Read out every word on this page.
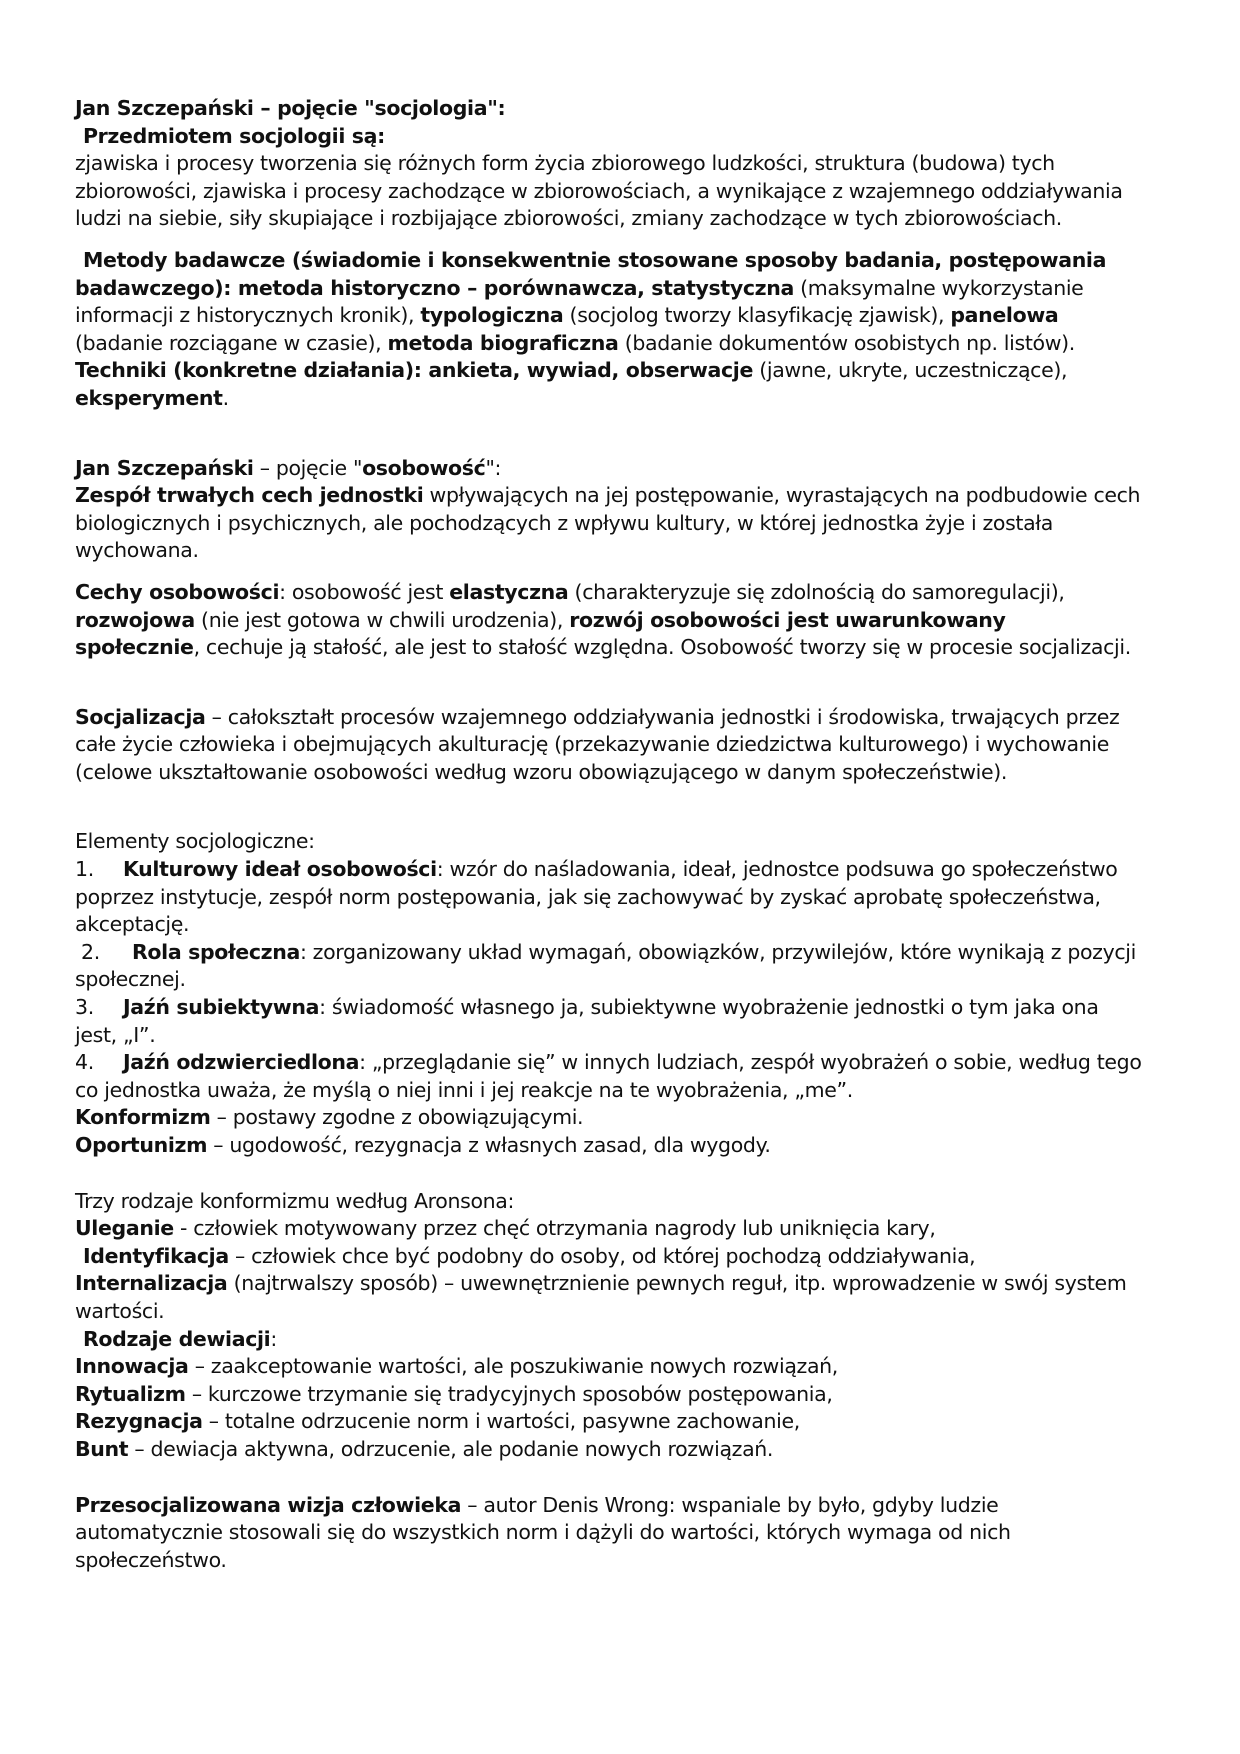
Jan Szczepański – pojęcie "socjologia":
Przedmiotem socjologii są:
zjawiska i procesy tworzenia się różnych form życia zbiorowego ludzkości, struktura (budowa) tych
zbiorowości, zjawiska i procesy zachodzące w zbiorowościach, a wynikające z wzajemnego oddziaływania
ludzi na siebie, siły skupiające i rozbijające zbiorowości, zmiany zachodzące w tych zbiorowościach.
Metody badawcze (świadomie i konsekwentnie stosowane sposoby badania, postępowania
badawczego): metoda historyczno – porównawcza, statystyczna (maksymalne wykorzystanie
informacji z historycznych kronik), typologiczna (socjolog tworzy klasyfikację zjawisk), panelowa
(badanie rozciągane w czasie), metoda biograficzna (badanie dokumentów osobistych np. listów).
Techniki (konkretne działania): ankieta, wywiad, obserwacje (jawne, ukryte, uczestniczące),
eksperyment.
Jan Szczepański – pojęcie "osobowość":
Zespół trwałych cech jednostki wpływających na jej postępowanie, wyrastających na podbudowie cech
biologicznych i psychicznych, ale pochodzących z wpływu kultury, w której jednostka żyje i została
wychowana.
Cechy osobowości: osobowość jest elastyczna (charakteryzuje się zdolnością do samoregulacji),
rozwojowa (nie jest gotowa w chwili urodzenia), rozwój osobowości jest uwarunkowany
społecznie, cechuje ją stałość, ale jest to stałość względna. Osobowość tworzy się w procesie socjalizacji.
Socjalizacja – całokształt procesów wzajemnego oddziaływania jednostki i środowiska, trwających przez
całe życie człowieka i obejmujących akulturację (przekazywanie dziedzictwa kulturowego) i wychowanie
(celowe ukształtowanie osobowości według wzoru obowiązującego w danym społeczeństwie).
Elementy socjologiczne:
1. Kulturowy ideał osobowości: wzór do naśladowania, ideał, jednostce podsuwa go społeczeństwo
poprzez instytucje, zespół norm postępowania, jak się zachowywać by zyskać aprobatę społeczeństwa,
akceptację.
2. Rola społeczna: zorganizowany układ wymagań, obowiązków, przywilejów, które wynikają z pozycji
społecznej.
3. Jaźń subiektywna: świadomość własnego ja, subiektywne wyobrażenie jednostki o tym jaka ona
jest, „I”.
4. Jaźń odzwierciedlona: „przeglądanie się” w innych ludziach, zespół wyobrażeń o sobie, według tego
co jednostka uważa, że myślą o niej inni i jej reakcje na te wyobrażenia, „me”.
Konformizm – postawy zgodne z obowiązującymi.
Oportunizm – ugodowość, rezygnacja z własnych zasad, dla wygody.
Trzy rodzaje konformizmu według Aronsona:
Uleganie - człowiek motywowany przez chęć otrzymania nagrody lub uniknięcia kary,
Identyfikacja – człowiek chce być podobny do osoby, od której pochodzą oddziaływania,
Internalizacja (najtrwalszy sposób) – uwewnętrznienie pewnych reguł, itp. wprowadzenie w swój system
wartości.
Rodzaje dewiacji:
Innowacja – zaakceptowanie wartości, ale poszukiwanie nowych rozwiązań,
Rytualizm – kurczowe trzymanie się tradycyjnych sposobów postępowania,
Rezygnacja – totalne odrzucenie norm i wartości, pasywne zachowanie,
Bunt – dewiacja aktywna, odrzucenie, ale podanie nowych rozwiązań.
Przesocjalizowana wizja człowieka – autor Denis Wrong: wspaniale by było, gdyby ludzie
automatycznie stosowali się do wszystkich norm i dążyli do wartości, których wymaga od nich
społeczeństwo.
